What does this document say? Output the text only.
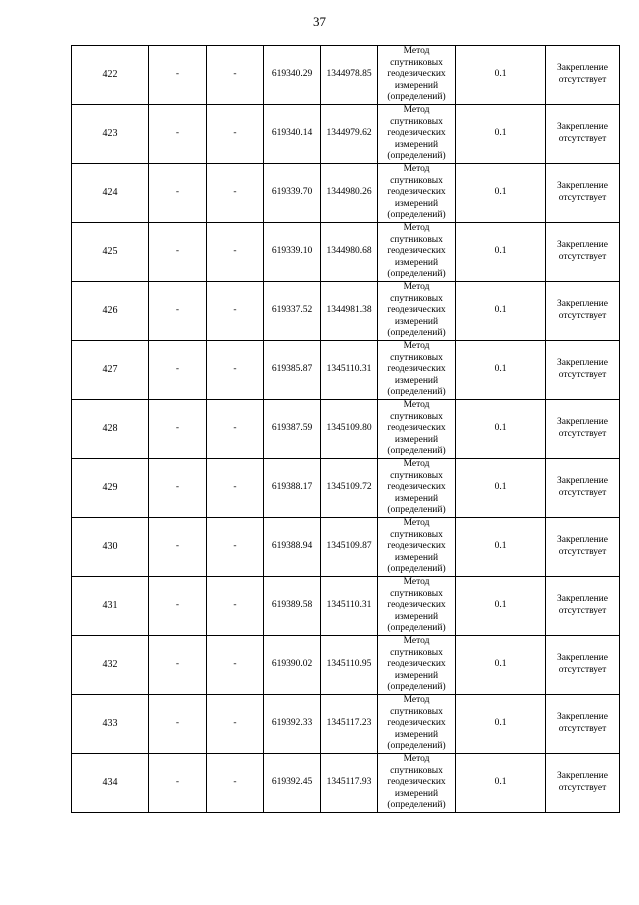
37
422	-	-	619340.29	1344978.85	Метод
спутниковых
геодезических
измерений
(определений)	0.1	Закрепление
отсутствует
423	-	-	619340.14	1344979.62	Метод
спутниковых
геодезических
измерений
(определений)	0.1	Закрепление
отсутствует
424	-	-	619339.70	1344980.26	Метод
спутниковых
геодезических
измерений
(определений)	0.1	Закрепление
отсутствует
425	-	-	619339.10	1344980.68	Метод
спутниковых
геодезических
измерений
(определений)	0.1	Закрепление
отсутствует
426	-	-	619337.52	1344981.38	Метод
спутниковых
геодезических
измерений
(определений)	0.1	Закрепление
отсутствует
427	-	-	619385.87	1345110.31	Метод
спутниковых
геодезических
измерений
(определений)	0.1	Закрепление
отсутствует
428	-	-	619387.59	1345109.80	Метод
спутниковых
геодезических
измерений
(определений)	0.1	Закрепление
отсутствует
429	-	-	619388.17	1345109.72	Метод
спутниковых
геодезических
измерений
(определений)	0.1	Закрепление
отсутствует
430	-	-	619388.94	1345109.87	Метод
спутниковых
геодезических
измерений
(определений)	0.1	Закрепление
отсутствует
431	-	-	619389.58	1345110.31	Метод
спутниковых
геодезических
измерений
(определений)	0.1	Закрепление
отсутствует
432	-	-	619390.02	1345110.95	Метод
спутниковых
геодезических
измерений
(определений)	0.1	Закрепление
отсутствует
433	-	-	619392.33	1345117.23	Метод
спутниковых
геодезических
измерений
(определений)	0.1	Закрепление
отсутствует
434	-	-	619392.45	1345117.93	Метод
спутниковых
геодезических
измерений
(определений)	0.1	Закрепление
отсутствует
